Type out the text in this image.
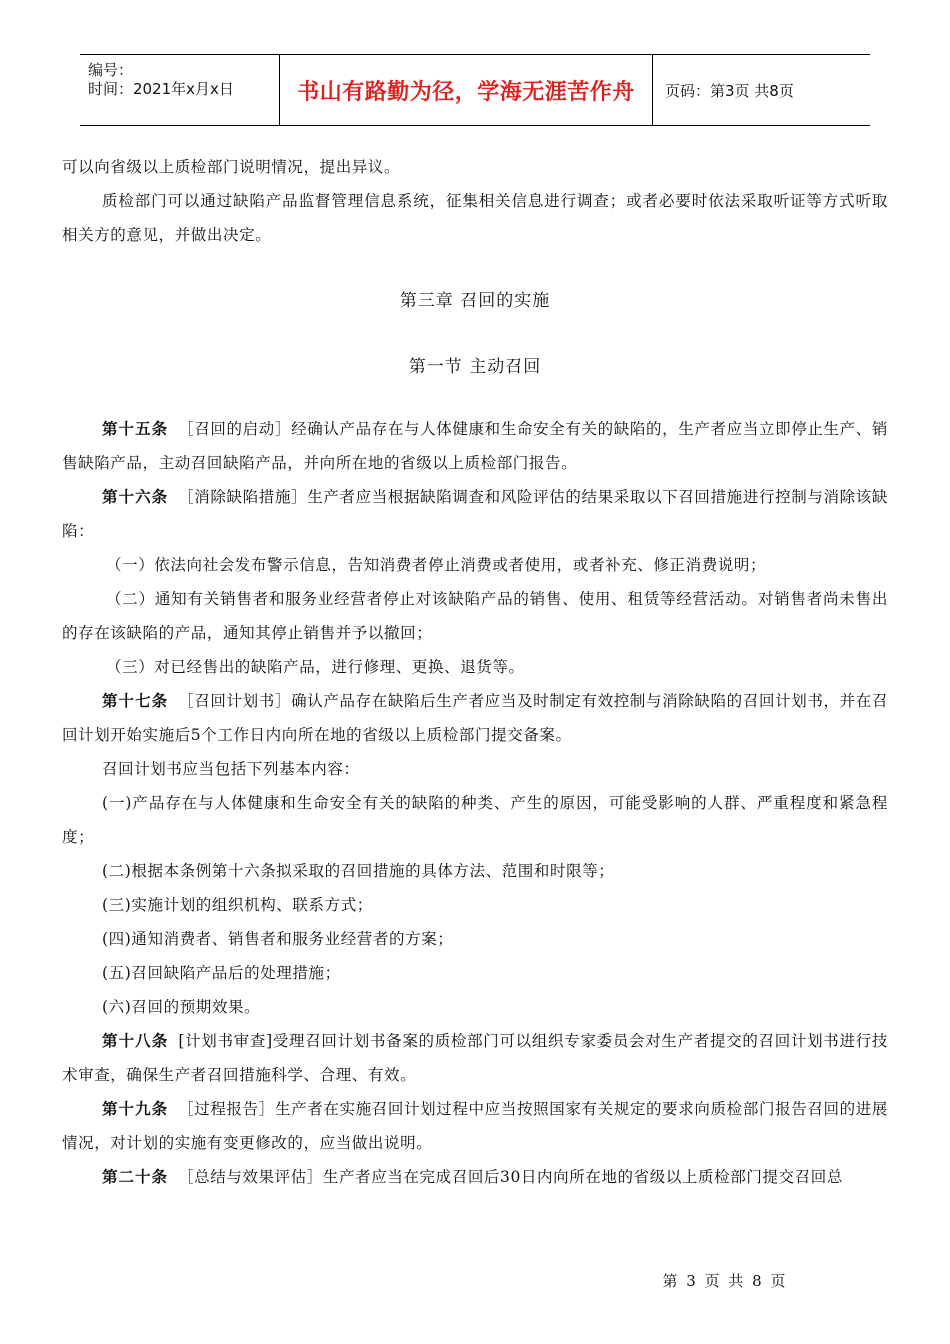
编号：
时间：2021年x月x日	书山有路勤为径，学海无涯苦作舟	页码：第3页 共8页

可以向省级以上质检部门说明情况，提出异议。

质检部门可以通过缺陷产品监督管理信息系统，征集相关信息进行调查；或者必要时依法采取听证等方式听取相关方的意见，并做出决定。

第三章 召回的实施
第一节 主动召回

第十五条 ［召回的启动］经确认产品存在与人体健康和生命安全有关的缺陷的，生产者应当立即停止生产、销售缺陷产品，主动召回缺陷产品，并向所在地的省级以上质检部门报告。

第十六条 ［消除缺陷措施］生产者应当根据缺陷调查和风险评估的结果采取以下召回措施进行控制与消除该缺陷：

（一）依法向社会发布警示信息，告知消费者停止消费或者使用，或者补充、修正消费说明；

（二）通知有关销售者和服务业经营者停止对该缺陷产品的销售、使用、租赁等经营活动。对销售者尚未售出的存在该缺陷的产品，通知其停止销售并予以撤回；

（三）对已经售出的缺陷产品，进行修理、更换、退货等。

第十七条 ［召回计划书］确认产品存在缺陷后生产者应当及时制定有效控制与消除缺陷的召回计划书，并在召回计划开始实施后5个工作日内向所在地的省级以上质检部门提交备案。

召回计划书应当包括下列基本内容：

(一)产品存在与人体健康和生命安全有关的缺陷的种类、产生的原因，可能受影响的人群、严重程度和紧急程度；

(二)根据本条例第十六条拟采取的召回措施的具体方法、范围和时限等；

(三)实施计划的组织机构、联系方式；

(四)通知消费者、销售者和服务业经营者的方案；

(五)召回缺陷产品后的处理措施；

(六)召回的预期效果。

第十八条 [计划书审查]受理召回计划书备案的质检部门可以组织专家委员会对生产者提交的召回计划书进行技术审查，确保生产者召回措施科学、合理、有效。

第十九条 ［过程报告］生产者在实施召回计划过程中应当按照国家有关规定的要求向质检部门报告召回的进展情况，对计划的实施有变更修改的，应当做出说明。

第二十条 ［总结与效果评估］生产者应当在完成召回后30日内向所在地的省级以上质检部门提交召回总

第 3 页 共 8 页
